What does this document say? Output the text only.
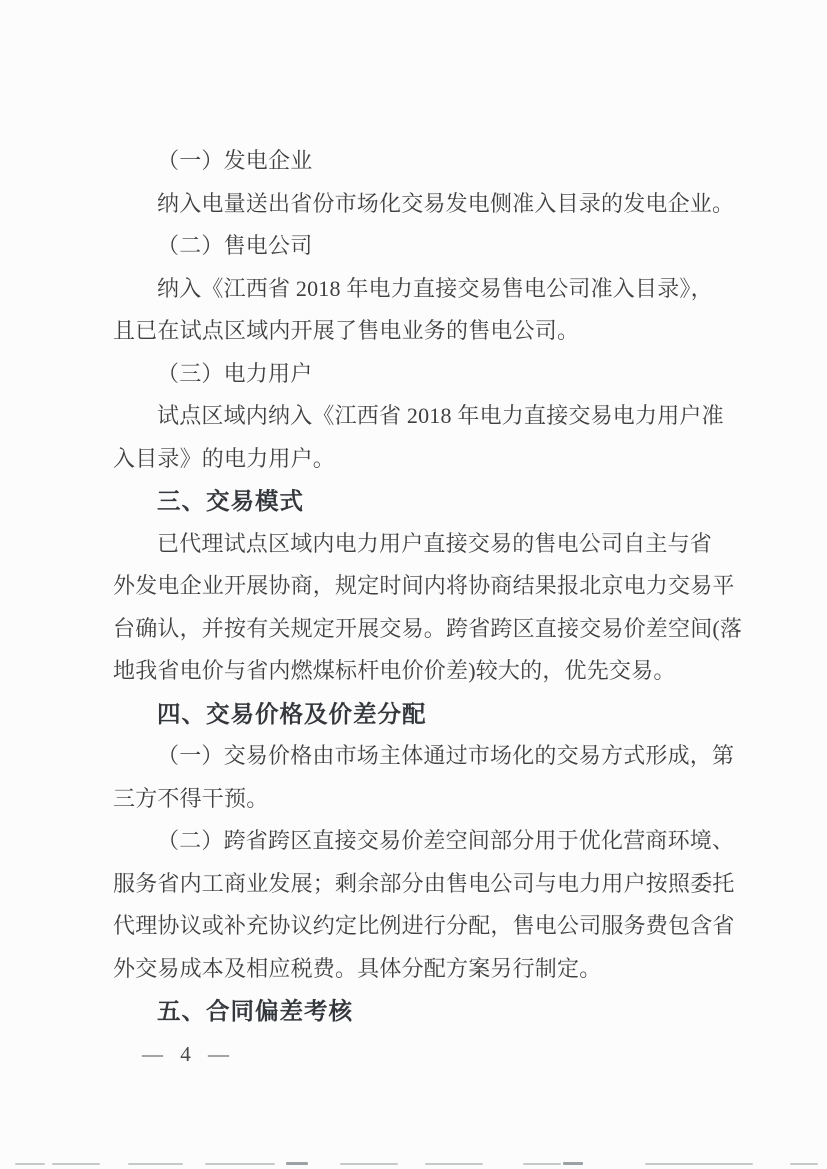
（一）发电企业
纳入电量送出省份市场化交易发电侧准入目录的发电企业。
（二）售电公司
纳入《江西省 2018 年电力直接交易售电公司准入目录》，
且已在试点区域内开展了售电业务的售电公司。
（三）电力用户
试点区域内纳入《江西省 2018 年电力直接交易电力用户准
入目录》的电力用户。
三、交易模式
已代理试点区域内电力用户直接交易的售电公司自主与省
外发电企业开展协商，规定时间内将协商结果报北京电力交易平
台确认，并按有关规定开展交易。跨省跨区直接交易价差空间(落
地我省电价与省内燃煤标杆电价价差)较大的，优先交易。
四、交易价格及价差分配
（一）交易价格由市场主体通过市场化的交易方式形成，第
三方不得干预。
（二）跨省跨区直接交易价差空间部分用于优化营商环境、
服务省内工商业发展；剩余部分由售电公司与电力用户按照委托
代理协议或补充协议约定比例进行分配，售电公司服务费包含省
外交易成本及相应税费。具体分配方案另行制定。
五、合同偏差考核
— 4 —
